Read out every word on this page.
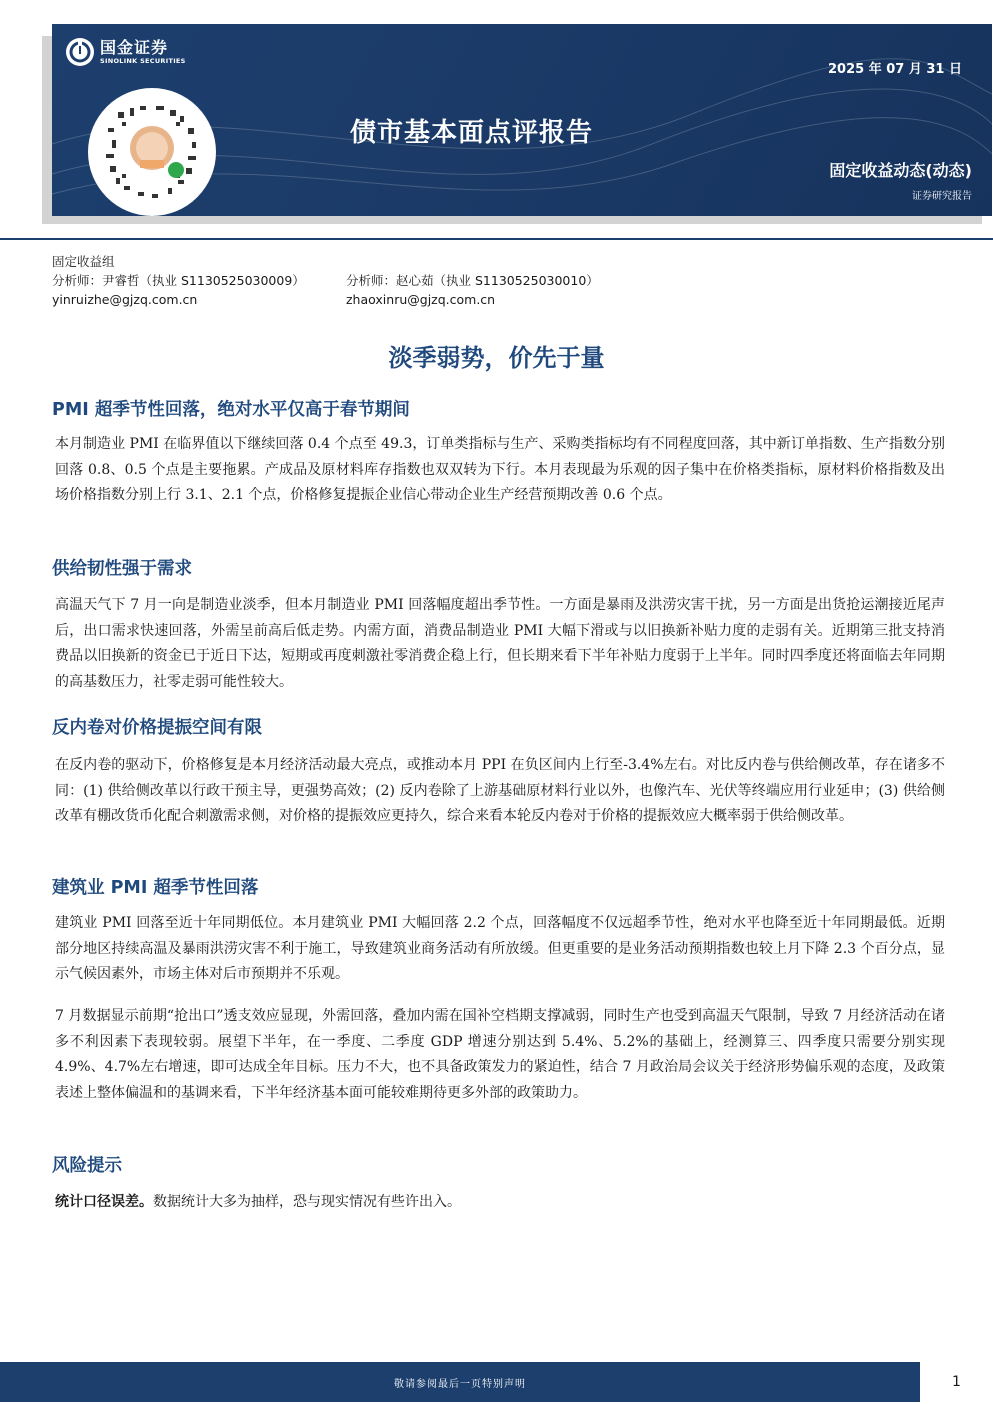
国金证券
SINOLINK SECURITIES
2025 年 07 月 31 日
债市基本面点评报告
固定收益动态(动态)
证券研究报告
固定收益组
分析师：尹睿哲（执业 S1130525030009）	分析师：赵心茹（执业 S1130525030010）
yinruizhe@gjzq.com.cn	zhaoxinru@gjzq.com.cn
淡季弱势，价先于量
PMI 超季节性回落，绝对水平仅高于春节期间
本月制造业 PMI 在临界值以下继续回落 0.4 个点至 49.3，订单类指标与生产、采购类指标均有不同程度回落，其中新订单指数、生产指数分别回落 0.8、0.5 个点是主要拖累。产成品及原材料库存指数也双双转为下行。本月表现最为乐观的因子集中在价格类指标，原材料价格指数及出场价格指数分别上行 3.1、2.1 个点，价格修复提振企业信心带动企业生产经营预期改善 0.6 个点。
供给韧性强于需求
高温天气下 7 月一向是制造业淡季，但本月制造业 PMI 回落幅度超出季节性。一方面是暴雨及洪涝灾害干扰，另一方面是出货抢运潮接近尾声后，出口需求快速回落，外需呈前高后低走势。内需方面，消费品制造业 PMI 大幅下滑或与以旧换新补贴力度的走弱有关。近期第三批支持消费品以旧换新的资金已于近日下达，短期或再度刺激社零消费企稳上行，但长期来看下半年补贴力度弱于上半年。同时四季度还将面临去年同期的高基数压力，社零走弱可能性较大。
反内卷对价格提振空间有限
在反内卷的驱动下，价格修复是本月经济活动最大亮点，或推动本月 PPI 在负区间内上行至-3.4%左右。对比反内卷与供给侧改革，存在诸多不同：(1) 供给侧改革以行政干预主导，更强势高效；(2) 反内卷除了上游基础原材料行业以外，也像汽车、光伏等终端应用行业延申；(3) 供给侧改革有棚改货币化配合刺激需求侧，对价格的提振效应更持久，综合来看本轮反内卷对于价格的提振效应大概率弱于供给侧改革。
建筑业 PMI 超季节性回落
建筑业 PMI 回落至近十年同期低位。本月建筑业 PMI 大幅回落 2.2 个点，回落幅度不仅远超季节性，绝对水平也降至近十年同期最低。近期部分地区持续高温及暴雨洪涝灾害不利于施工，导致建筑业商务活动有所放缓。但更重要的是业务活动预期指数也较上月下降 2.3 个百分点，显示气候因素外，市场主体对后市预期并不乐观。
7 月数据显示前期“抢出口”透支效应显现，外需回落，叠加内需在国补空档期支撑减弱，同时生产也受到高温天气限制，导致 7 月经济活动在诸多不利因素下表现较弱。展望下半年，在一季度、二季度 GDP 增速分别达到 5.4%、5.2%的基础上，经测算三、四季度只需要分别实现 4.9%、4.7%左右增速，即可达成全年目标。压力不大，也不具备政策发力的紧迫性，结合 7 月政治局会议关于经济形势偏乐观的态度，及政策表述上整体偏温和的基调来看，下半年经济基本面可能较难期待更多外部的政策助力。
风险提示
统计口径误差。数据统计大多为抽样，恐与现实情况有些许出入。
敬请参阅最后一页特别声明	1
